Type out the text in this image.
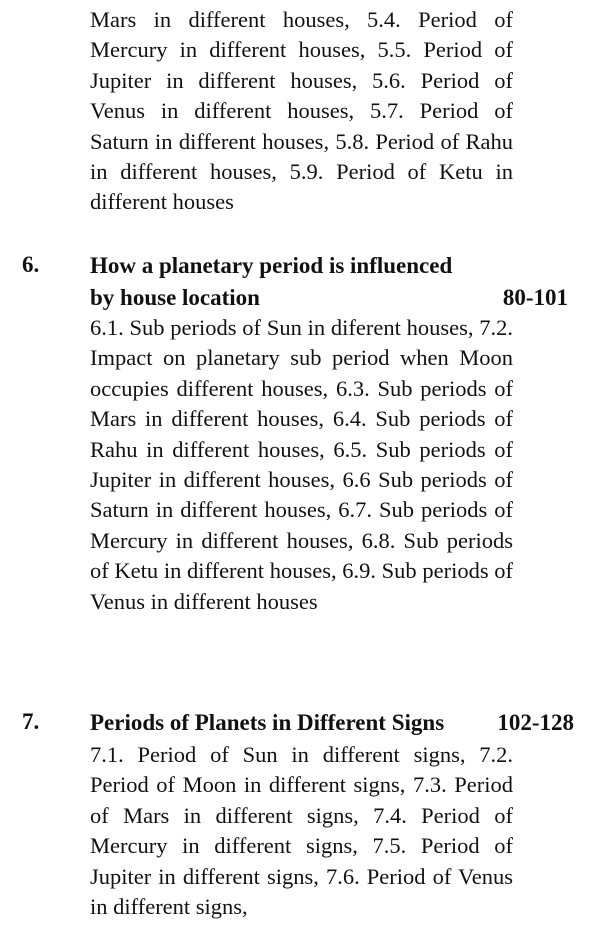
Mars in different houses, 5.4. Period of Mercury in different houses, 5.5. Period of Jupiter in different houses, 5.6. Period of Venus in different houses, 5.7. Period of Saturn in different houses, 5.8. Period of Rahu in different houses, 5.9. Period of Ketu in different houses
6. How a planetary period is influenced
by house location	80-101
6.1. Sub periods of Sun in diferent houses, 7.2. Impact on planetary sub period when Moon occupies different houses, 6.3. Sub periods of Mars in different houses, 6.4. Sub periods of Rahu in different houses, 6.5. Sub periods of Jupiter in different houses, 6.6 Sub periods of Saturn in different houses, 6.7. Sub periods of Mercury in different houses, 6.8. Sub periods of Ketu in different houses, 6.9. Sub periods of Venus in different houses
7. Periods of Planets in Different Signs 102-128
7.1. Period of Sun in different signs, 7.2. Period of Moon in different signs, 7.3. Period of Mars in different signs, 7.4. Period of Mercury in different signs, 7.5. Period of Jupiter in different signs, 7.6. Period of Venus in different signs,
